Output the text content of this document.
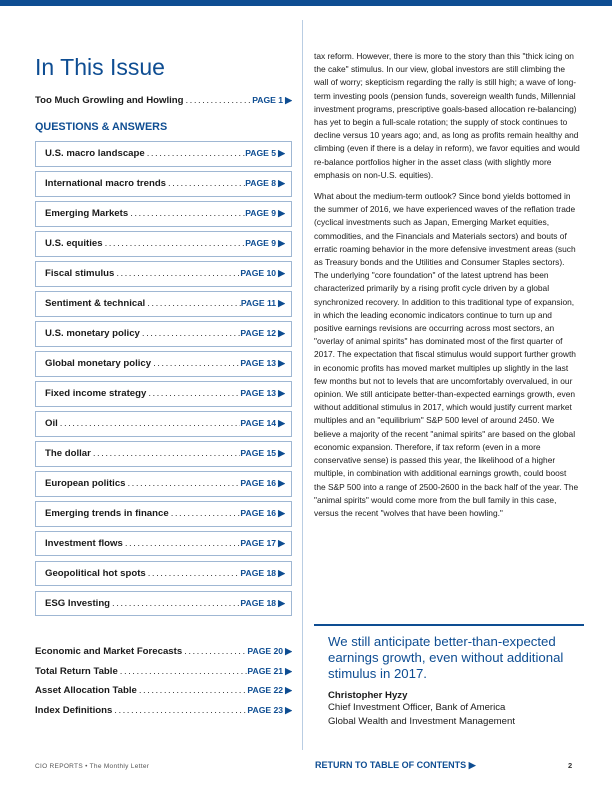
In This Issue
Too Much Growling and Howling .....	PAGE 1 ▶
QUESTIONS & ANSWERS
U.S. macro landscape .....	PAGE 5 ▶
International macro trends .....	PAGE 8 ▶
Emerging Markets .....	PAGE 9 ▶
U.S. equities .....	PAGE 9 ▶
Fiscal stimulus .....	PAGE 10 ▶
Sentiment & technical .....	PAGE 11 ▶
U.S. monetary policy .....	PAGE 12 ▶
Global monetary policy .....	PAGE 13 ▶
Fixed income strategy .....	PAGE 13 ▶
Oil .....	PAGE 14 ▶
The dollar .....	PAGE 15 ▶
European politics .....	PAGE 16 ▶
Emerging trends in finance .....	PAGE 16 ▶
Investment flows .....	PAGE 17 ▶
Geopolitical hot spots .....	PAGE 18 ▶
ESG Investing .....	PAGE 18 ▶
Economic and Market Forecasts .....	PAGE 20 ▶
Total Return Table .....	PAGE 21 ▶
Asset Allocation Table .....	PAGE 22 ▶
Index Definitions .....	PAGE 23 ▶

tax reform. However, there is more to the story than this "thick icing on the cake" stimulus. In our view, global investors are still climbing the wall of worry; skepticism regarding the rally is still high; a wave of long-term investing pools (pension funds, sovereign wealth funds, Millennial investment programs, prescriptive goals-based allocation re-balancing) has yet to begin a full-scale rotation; the supply of stock continues to decline versus 10 years ago; and, as long as profits remain healthy and climbing (even if there is a delay in reform), we favor equities and would re-balance portfolios higher in the asset class (with slightly more emphasis on non-U.S. equities).

What about the medium-term outlook? Since bond yields bottomed in the summer of 2016, we have experienced waves of the reflation trade (cyclical investments such as Japan, Emerging Market equities, commodities, and the Financials and Materials sectors) and bouts of erratic roaming behavior in the more defensive investment areas (such as Treasury bonds and the Utilities and Consumer Staples sectors). The underlying "core foundation" of the latest uptrend has been characterized primarily by a rising profit cycle driven by a global synchronized recovery. In addition to this traditional type of expansion, in which the leading economic indicators continue to turn up and positive earnings revisions are occurring across most sectors, an "overlay of animal spirits" has dominated most of the first quarter of 2017. The expectation that fiscal stimulus would support further growth in economic profits has moved market multiples up slightly in the last few months but not to levels that are uncomfortably overvalued, in our opinion. We still anticipate better-than-expected earnings growth, even without additional stimulus in 2017, which would justify current market multiples and an "equilibrium" S&P 500 level of around 2450. We believe a majority of the recent "animal spirits" are based on the global economic expansion. Therefore, if tax reform (even in a more conservative sense) is passed this year, the likelihood of a higher multiple, in combination with additional earnings growth, could boost the S&P 500 into a range of 2500-2600 in the back half of the year. The "animal spirits" would come more from the bull family in this case, versus the recent "wolves that have been howling."

We still anticipate better-than-expected earnings growth, even without additional stimulus in 2017.
Christopher Hyzy
Chief Investment Officer, Bank of America
Global Wealth and Investment Management
CIO REPORTS • The Monthly Letter	RETURN TO TABLE OF CONTENTS ▶	2
